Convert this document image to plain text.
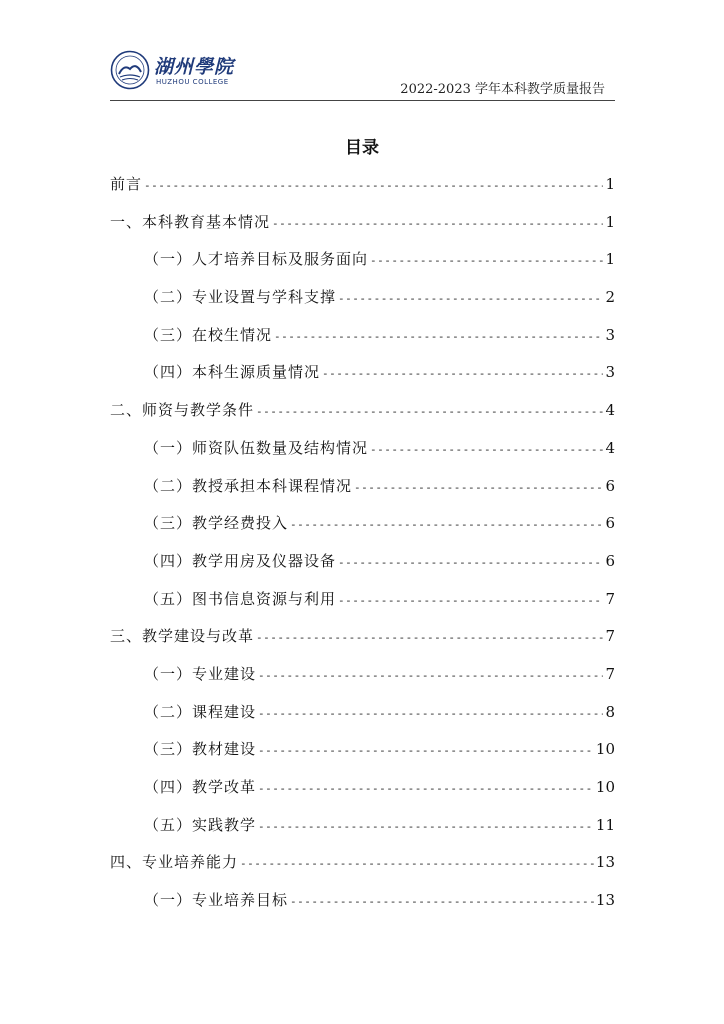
湖州學院
HUZHOU COLLEGE	2022-2023 学年本科教学质量报告
目录
前言 -----	1
一、本科教育基本情况 -----	1
（一）人才培养目标及服务面向 -----	1
（二）专业设置与学科支撑 -----	2
（三）在校生情况 -----	3
（四）本科生源质量情况 -----	3
二、师资与教学条件 -----	4
（一）师资队伍数量及结构情况 -----	4
（二）教授承担本科课程情况 -----	6
（三）教学经费投入 -----	6
（四）教学用房及仪器设备 -----	6
（五）图书信息资源与利用 -----	7
三、教学建设与改革 -----	7
（一）专业建设 -----	7
（二）课程建设 -----	8
（三）教材建设 -----	10
（四）教学改革 -----	10
（五）实践教学 -----	11
四、专业培养能力 -----	13
（一）专业培养目标 -----	13
